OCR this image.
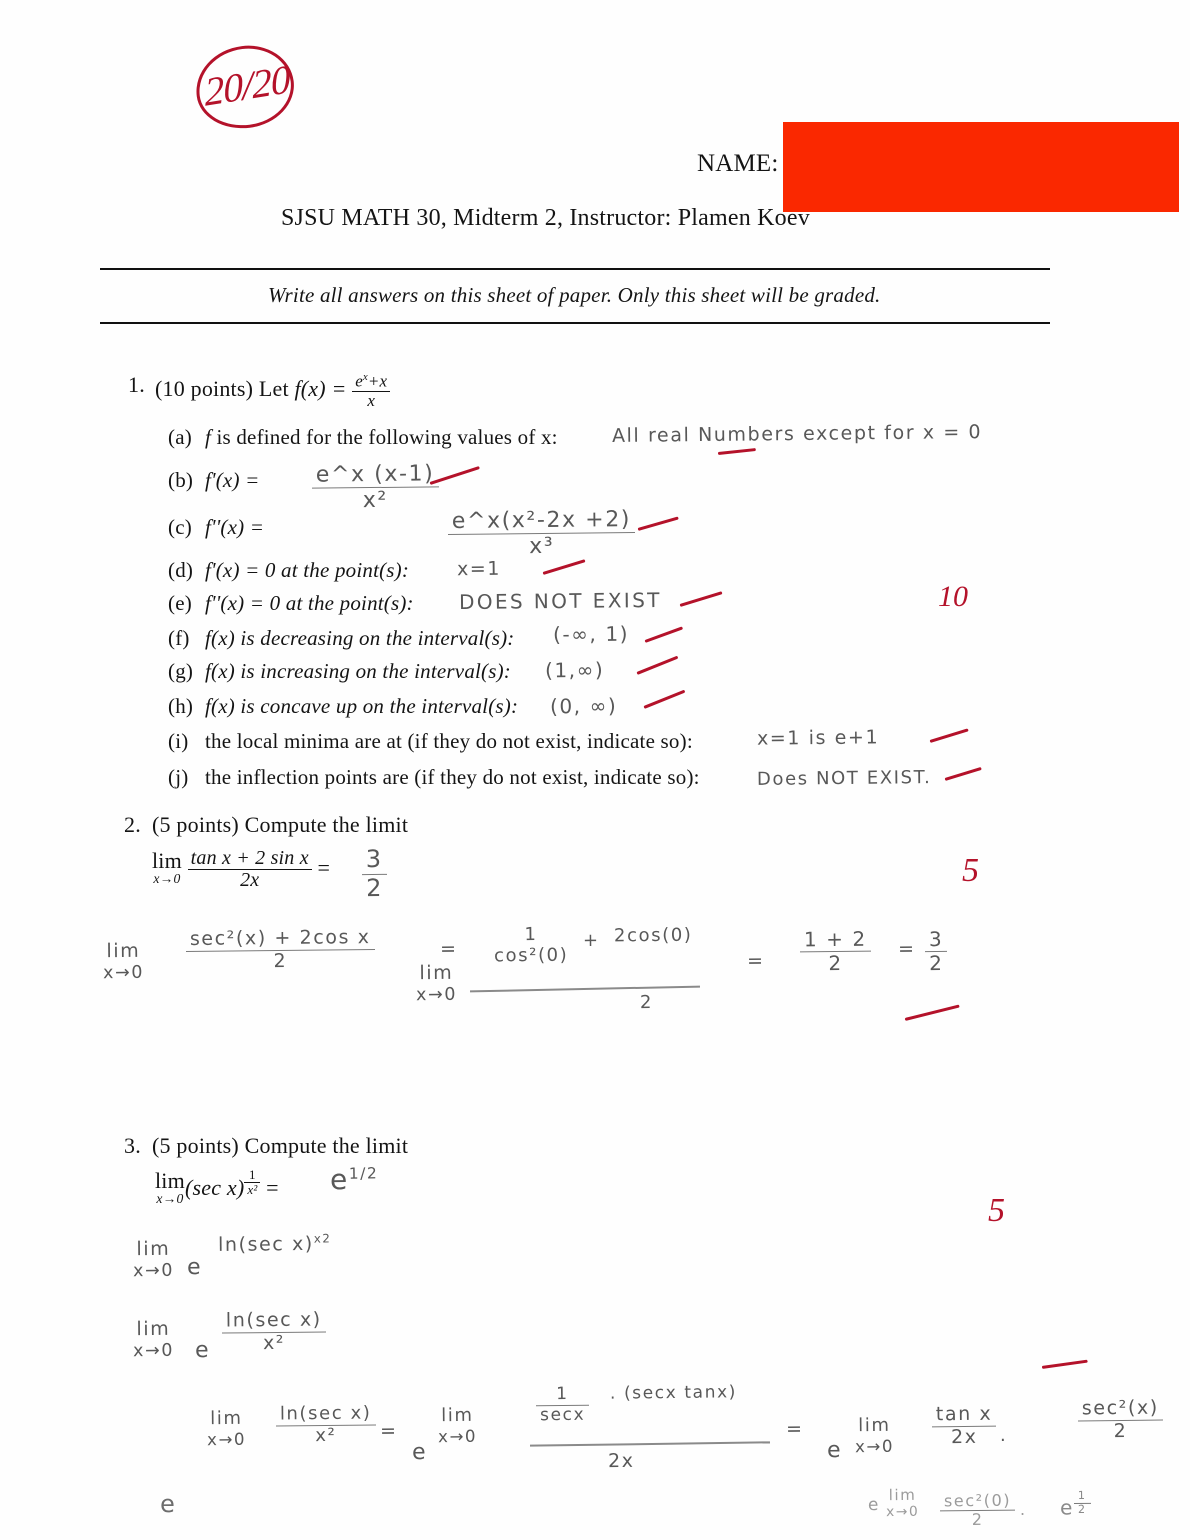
20/20
NAME:
SJSU MATH 30, Midterm 2, Instructor: Plamen Koev
Write all answers on this sheet of paper. Only this sheet will be graded.
1. (10 points) Let $f(x) = \frac{e^x+x}{x}$
(a) f is defined for the following values of x:	All real Numbers except for x = 0
(b) $f'(x) = \frac{e\^{}x (x-1)}{\text{x²}}$
(c) f''(x) =	$\frac{\text{e\textasciicircum{}x(x²-2x +2)}}{\text{x³}}$
(d) f'(x) = 0 at the point(s):	x=1
(e) f''(x) = 0 at the point(s): DOES NOT EXIST	10
(f) f(x) is decreasing on the interval(s): (-∞, 1)
(g) f(x) is increasing on the interval(s): (1,∞)
(h) f(x) is concave up on the interval(s): (0, ∞)
(i) the local minima are at (if they do not exist, indicate so):	x=1 is e+1
(j) the inflection points are (if they do not exist, indicate so):	Does NOT EXIST.
2. (5 points) Compute the limit
lim
x→0
$\frac{\text{tan x + 2 sin x}}{2x} = \frac{3}{2}$	5
lim
$x\to 0 \frac{\text{sec²(x) + 2cos x}}{2}$	=
lim
x→0
1
cos²(0)
+ 2cos(0)
2
= $\frac{1 + 2}{2} = \frac{3}{2}$
3. (5 points) Compute the limit
lim
x→0 (sec x) $^{\frac{1}{\text{x²}}} = e^{1/2}$
5
lim
x→0 e
ln(sec x)$^{x2}$
lim
x→0 e $\frac{\text{ln(sec x)}}{\text{x²}}$
lim
$x\to 0 \frac{\text{ln(sec x)}}{\text{x²}}$ =
lim
x→0
e
$\frac{1}{\sec x}$ . (secx tanx)
2x
=
e
lim
$x\to 0 \frac{\text{tan x}}{2x}$ .	$\frac{\text{sec²(x)}}{2}$
e	e lim
$x\to 0 \frac{\text{sec²(0)}}{2}$ . e $^{\frac{1}{2}}$
